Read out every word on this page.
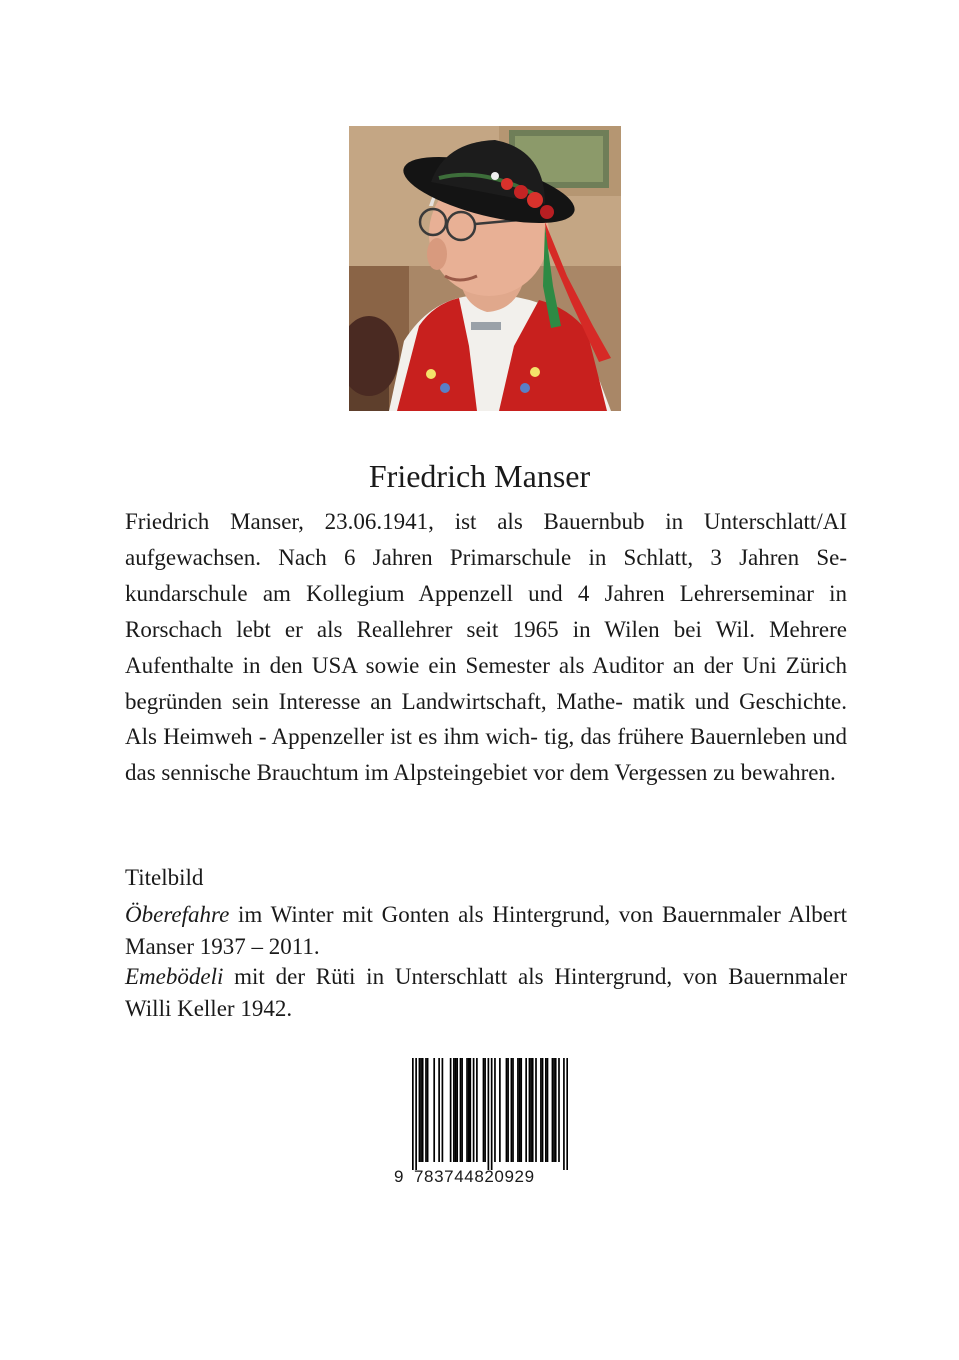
Friedrich Manser
Friedrich Manser, 23.06.1941, ist als Bauernbub in Unterschlatt/AI aufgewachsen. Nach 6 Jahren Primarschule in Schlatt, 3 Jahren Se- kundarschule am Kollegium Appenzell und 4 Jahren Lehrerseminar in Rorschach lebt er als Reallehrer seit 1965 in Wilen bei Wil. Mehrere Aufenthalte in den USA sowie ein Semester als Auditor an der Uni Zürich begründen sein Interesse an Landwirtschaft, Mathe- matik und Geschichte. Als Heimweh - Appenzeller ist es ihm wich- tig, das frühere Bauernleben und das sennische Brauchtum im Alpsteingebiet vor dem Vergessen zu bewahren.
Titelbild

Öberefahre im Winter mit Gonten als Hintergrund, von Bauernmaler Albert Manser 1937 – 2011.

Emebödeli mit der Rüti in Unterschlatt als Hintergrund, von Bauernmaler Willi Keller 1942.

9 783744820929
